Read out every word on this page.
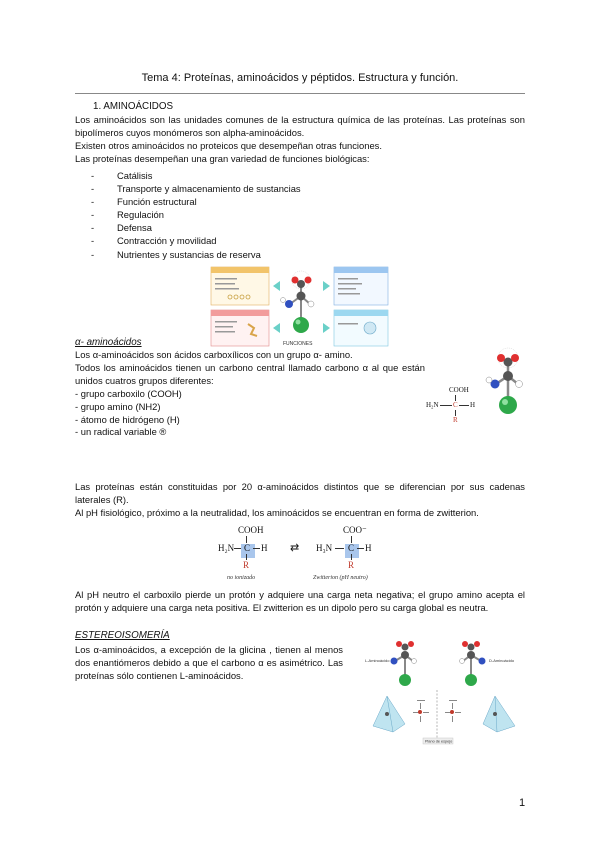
Tema 4: Proteínas, aminoácidos y péptidos. Estructura y función.
1. AMINOÁCIDOS
Los aminoácidos son las unidades comunes de la estructura química de las proteínas. Las proteínas son bipolímeros cuyos monómeros son alpha-aminoácidos.
Existen otros aminoácidos no proteicos que desempeñan otras funciones.
Las proteínas desempeñan una gran variedad de funciones biológicas:
-	Catálisis
-	Transporte y almacenamiento de sustancias
-	Función estructural
-	Regulación
-	Defensa
-	Contracción y movilidad
-	Nutrientes y sustancias de reserva
FUNCIONES
α- aminoácidos
Los α-aminoácidos son ácidos carboxílicos con un grupo α- amino.
Todos los aminoácidos tienen un carbono central llamado carbono α al que están unidos cuatros grupos diferentes:
- grupo carboxilo (COOH)
- grupo amino (NH2)
- átomo de hidrógeno (H)
- un radical variable ®
COOH
H₂N C H
R
Las proteínas están constituidas por 20 α-aminoácidos distintos que se diferencian por sus cadenas laterales (R).
Al pH fisiológico, próximo a la neutralidad, los aminoácidos se encuentran en forma de zwitterion.
COOH
H₂N C H
R
⇄
COO⁻
H₃N C H
R
no ionizado	Zwitterion (pH neutro)
Al pH neutro el carboxilo pierde un protón y adquiere una carga neta negativa; el grupo amino acepta el protón y adquiere una carga neta positiva. El zwitterion es un dipolo pero su carga global es neutra.
ESTEREOISOMERÍA
Los α-aminoácidos, a excepción de la glicina , tienen al menos dos enantiómeros debido a que el carbono α es asimétrico. Las proteínas sólo contienen L-aminoácidos.
L-Aminoácido	D-Aminoácido
Plano de espejo
1
